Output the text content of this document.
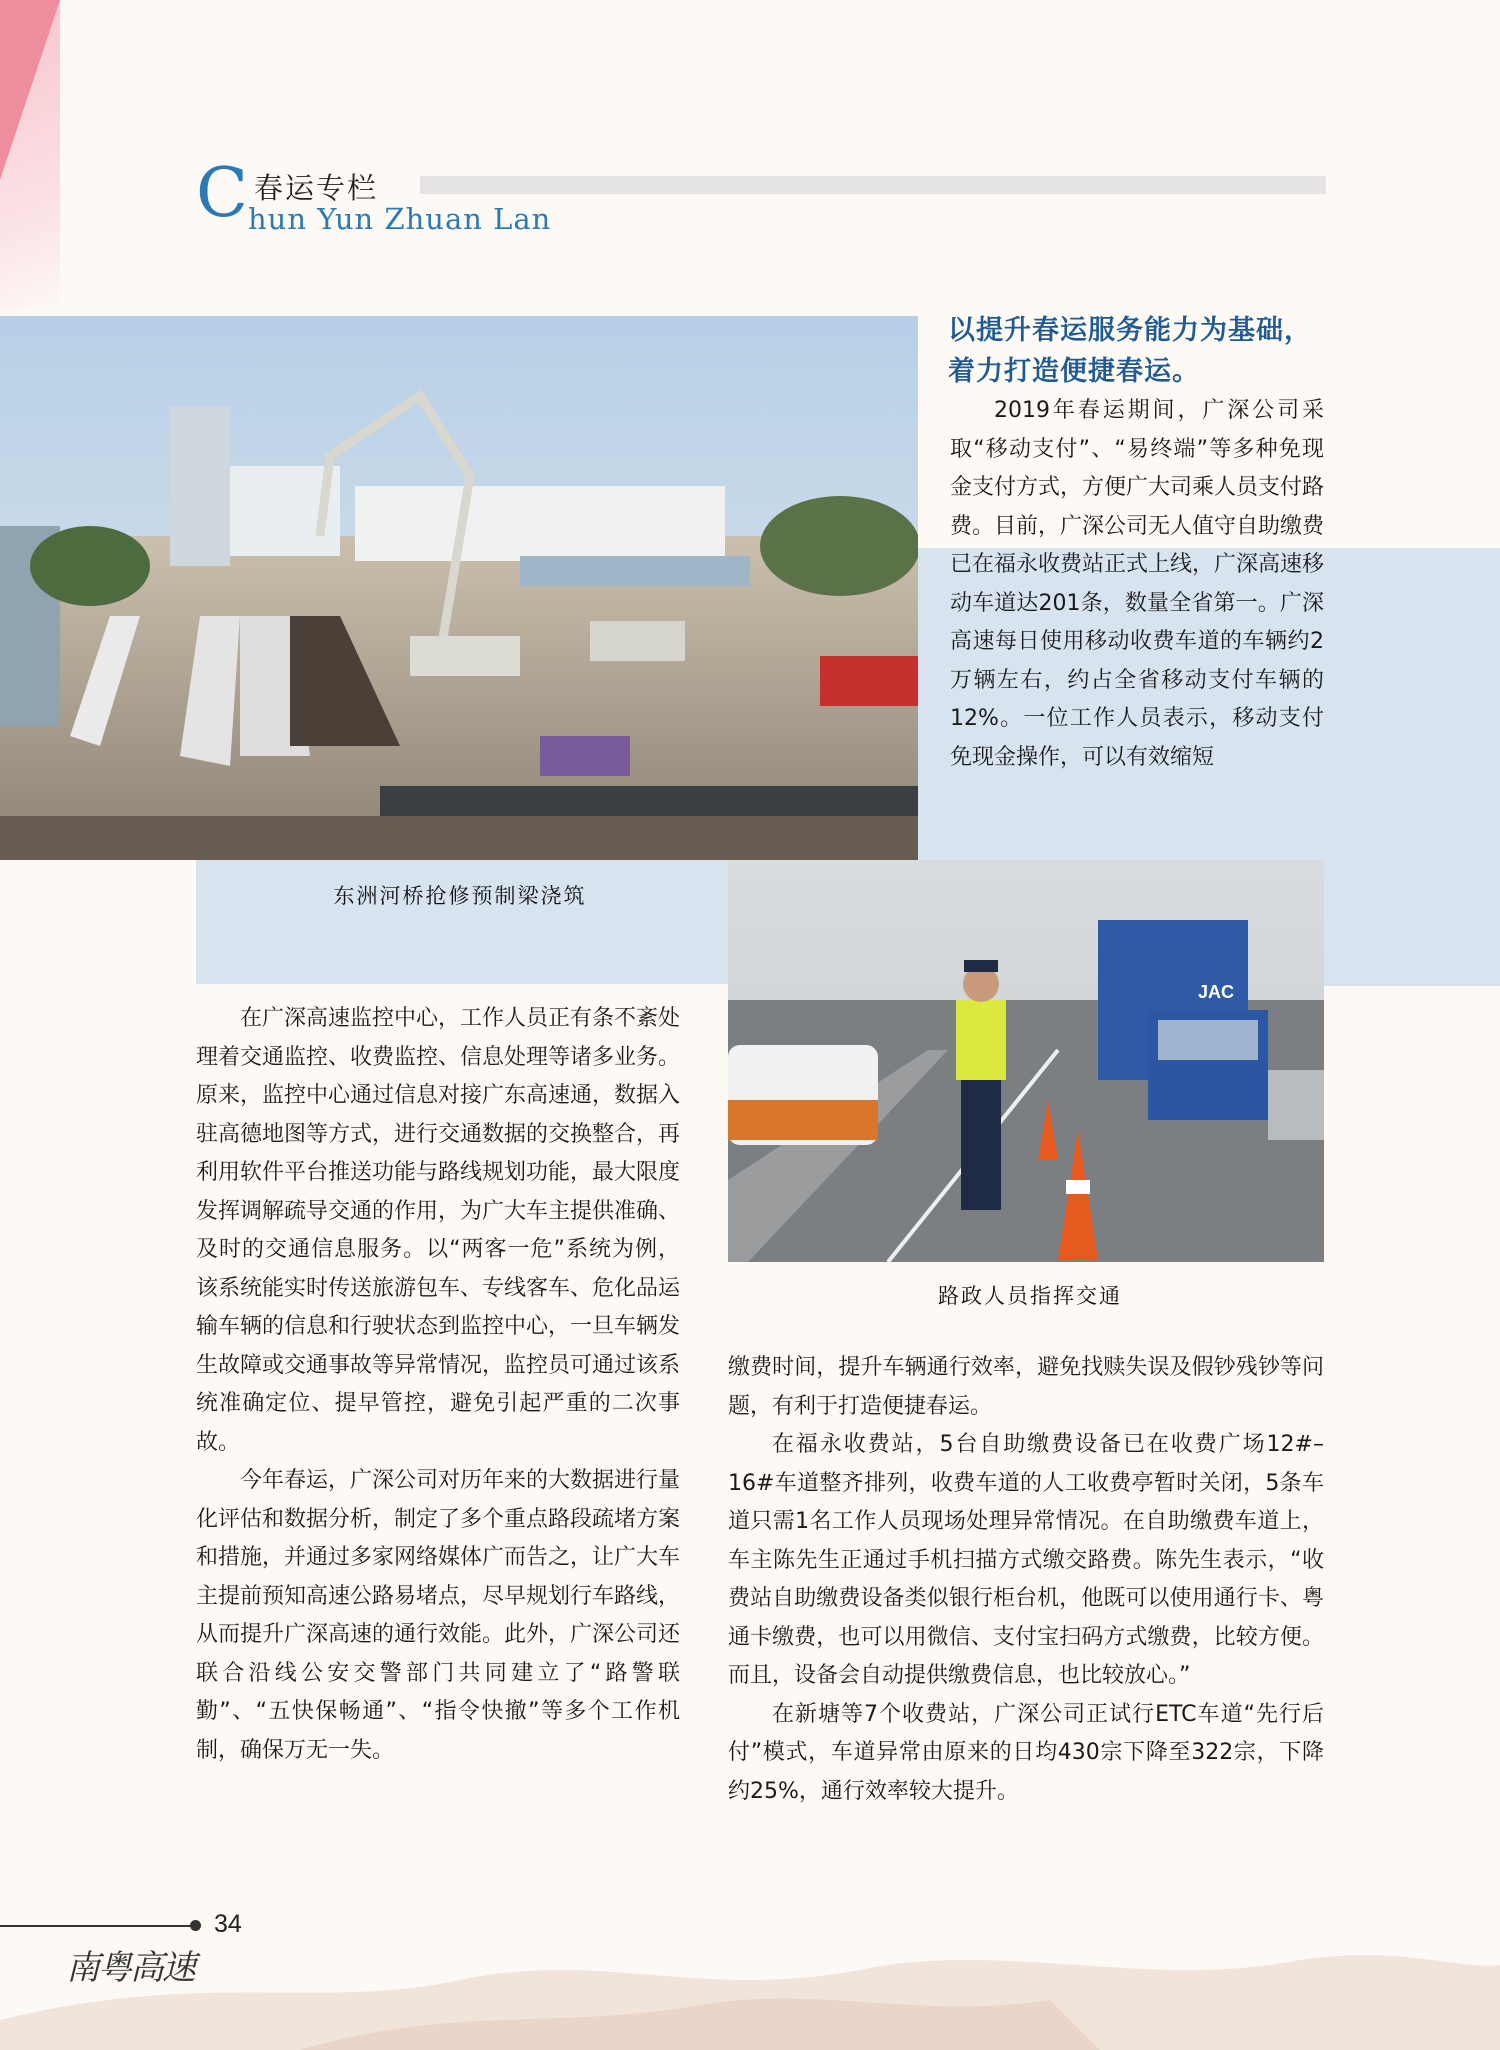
C 春运专栏
hun Yun Zhuan Lan
东洲河桥抢修预制梁浇筑
JAC
路政人员指挥交通
以提升春运服务能力为基础，着力打造便捷春运。

2019年春运期间，广深公司采取“移动支付”、“易终端”等多种免现金支付方式，方便广大司乘人员支付路费。目前，广深公司无人值守自助缴费已在福永收费站正式上线，广深高速移动车道达201条，数量全省第一。广深高速每日使用移动收费车道的车辆约2万辆左右，约占全省移动支付车辆的12%。一位工作人员表示，移动支付免现金操作，可以有效缩短

在广深高速监控中心，工作人员正有条不紊处理着交通监控、收费监控、信息处理等诸多业务。原来，监控中心通过信息对接广东高速通，数据入驻高德地图等方式，进行交通数据的交换整合，再利用软件平台推送功能与路线规划功能，最大限度发挥调解疏导交通的作用，为广大车主提供准确、及时的交通信息服务。以“两客一危”系统为例，该系统能实时传送旅游包车、专线客车、危化品运输车辆的信息和行驶状态到监控中心，一旦车辆发生故障或交通事故等异常情况，监控员可通过该系统准确定位、提早管控，避免引起严重的二次事故。

今年春运，广深公司对历年来的大数据进行量化评估和数据分析，制定了多个重点路段疏堵方案和措施，并通过多家网络媒体广而告之，让广大车主提前预知高速公路易堵点，尽早规划行车路线，从而提升广深高速的通行效能。此外，广深公司还联合沿线公安交警部门共同建立了“路警联勤”、“五快保畅通”、“指令快撤”等多个工作机制，确保万无一失。

缴费时间，提升车辆通行效率，避免找赎失误及假钞残钞等问题，有利于打造便捷春运。

在福永收费站，5台自助缴费设备已在收费广场12#–16#车道整齐排列，收费车道的人工收费亭暂时关闭，5条车道只需1名工作人员现场处理异常情况。在自助缴费车道上，车主陈先生正通过手机扫描方式缴交路费。陈先生表示，“收费站自助缴费设备类似银行柜台机，他既可以使用通行卡、粤通卡缴费，也可以用微信、支付宝扫码方式缴费，比较方便。而且，设备会自动提供缴费信息，也比较放心。”

在新塘等7个收费站，广深公司正试行ETC车道“先行后付”模式，车道异常由原来的日均430宗下降至322宗，下降约25%，通行效率较大提升。

34
南粤高速
